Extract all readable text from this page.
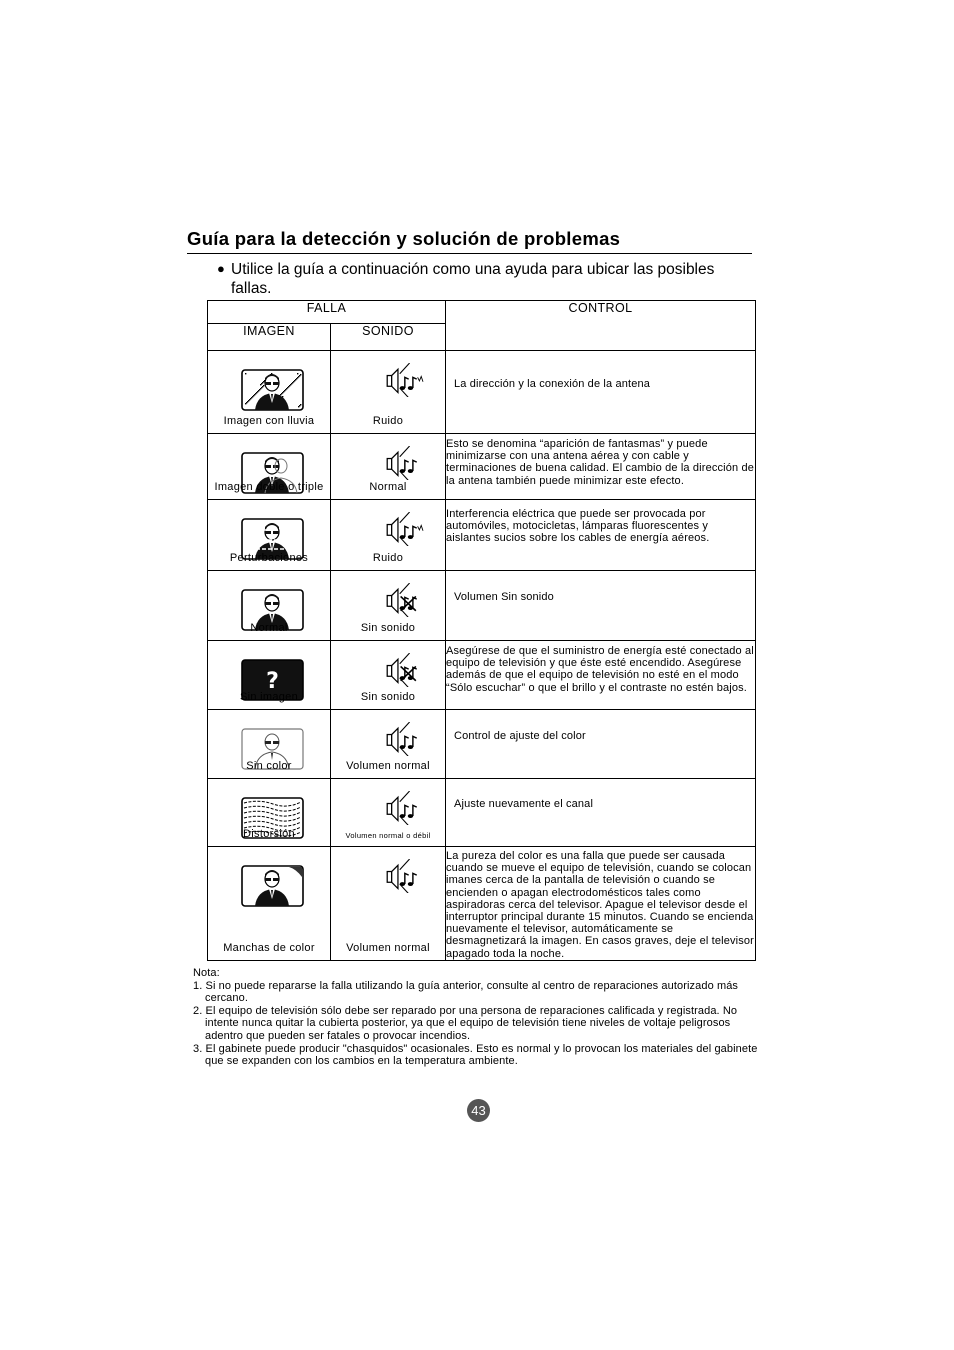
Guía para la detección y solución de problemas
● Utilice la guía a continuación como una ayuda para ubicar las posibles fallas.
FALLA		CONTROL
IMAGEN	SONIDO	

Imagen con lluvia	Ruido	La dirección y la conexión de la antena

Imagen doble o triple	Normal	Esto se denomina “aparición de fantasmas” y puede minimizarse con una antena aérea y con cable y terminaciones de buena calidad. El cambio de la dirección de la antena también puede minimizar este efecto.

Perturbaciones	Ruido	Interferencia eléctrica que puede ser provocada por automóviles, motocicletas, lámparas fluorescentes y aislantes sucios sobre los cables de energía aéreos.

Normal	Sin sonido	Volumen Sin sonido

?
Sin imagen	Sin sonido	Asegúrese de que el suministro de energía esté conectado al equipo de televisión y que éste esté encendido. Asegúrese además de que el equipo de televisión no esté en el modo “Sólo escuchar” o que el brillo y el contraste no estén bajos.

Sin color	Volumen normal	Control de ajuste del color

Distorsión	Volumen normal o débil	Ajuste nuevamente el canal

Manchas de color	Volumen normal	La pureza del color es una falla que puede ser causada cuando se mueve el equipo de televisión, cuando se colocan imanes cerca de la pantalla de televisión o cuando se encienden o apagan electrodomésticos tales como aspiradoras cerca del televisor. Apague el televisor desde el interruptor principal durante 15 minutos. Cuando se encienda nuevamente el televisor, automáticamente se desmagnetizará la imagen. En casos graves, deje el televisor apagado toda la noche.
Nota:
1. Si no puede repararse la falla utilizando la guía anterior, consulte al centro de reparaciones autorizado más cercano.
2. El equipo de televisión sólo debe ser reparado por una persona de reparaciones calificada y registrada. No intente nunca quitar la cubierta posterior, ya que el equipo de televisión tiene niveles de voltaje peligrosos adentro que pueden ser fatales o provocar incendios.
3. El gabinete puede producir "chasquidos" ocasionales. Esto es normal y lo provocan los materiales del gabinete que se expanden con los cambios en la temperatura ambiente.
43
